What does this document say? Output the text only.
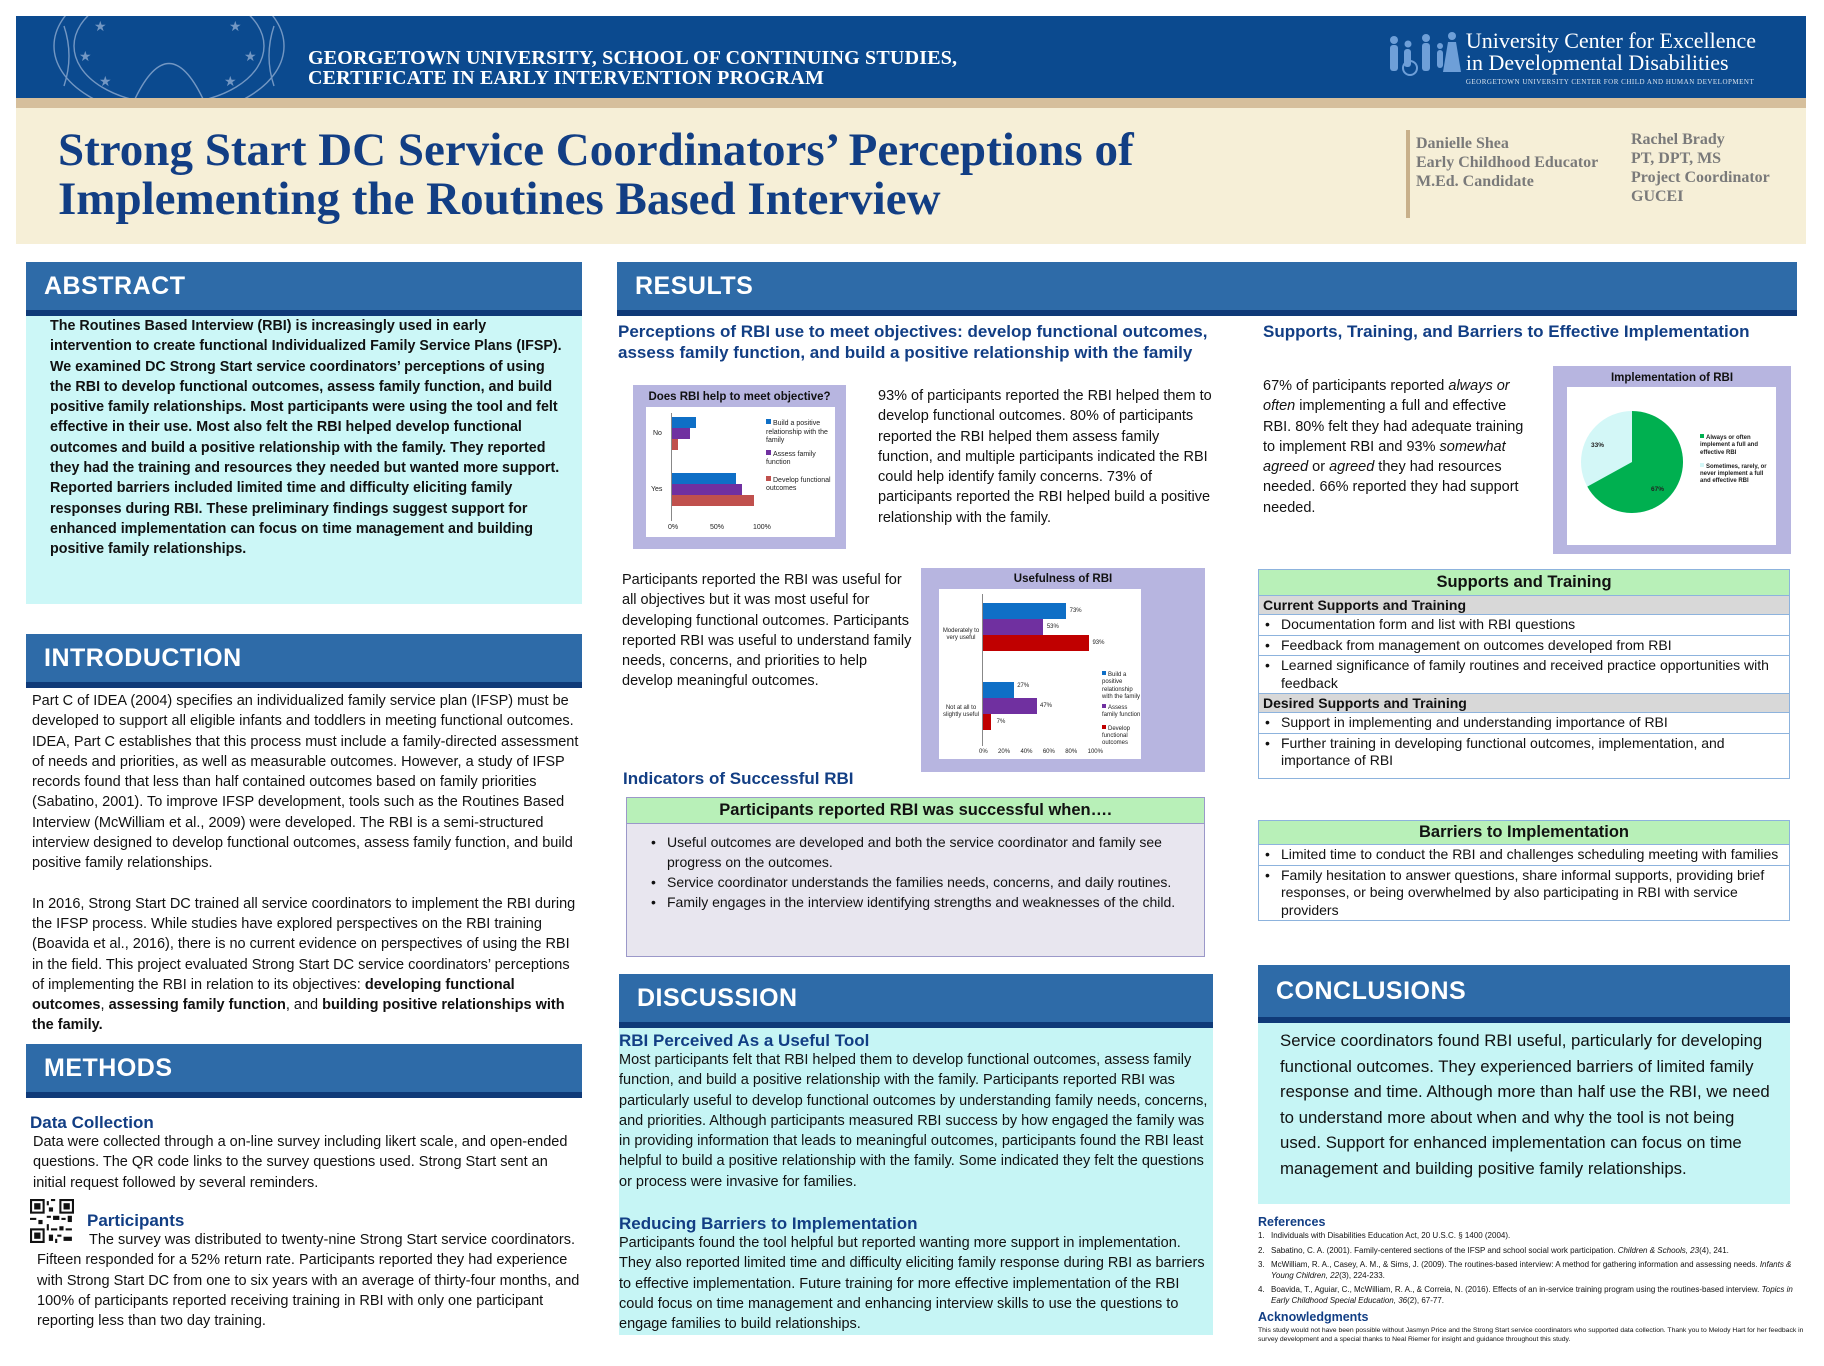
★
★
★
★
★
★
GEORGETOWN UNIVERSITY, SCHOOL OF CONTINUING STUDIES,
CERTIFICATE IN EARLY INTERVENTION PROGRAM
University Center for Excellence
in Developmental Disabilities
GEORGETOWN UNIVERSITY CENTER FOR CHILD AND HUMAN DEVELOPMENT
Strong Start DC Service Coordinators’ Perceptions of
Implementing the Routines Based Interview
Danielle Shea
Early Childhood Educator
M.Ed. Candidate
Rachel Brady
PT, DPT, MS
Project Coordinator
GUCEI
ABSTRACT

The Routines Based Interview (RBI) is increasingly used in early intervention to create functional Individualized Family Service Plans (IFSP). We examined DC Strong Start service coordinators’ perceptions of using the RBI to develop functional outcomes, assess family function, and build positive family relationships. Most participants were using the tool and felt effective in their use. Most also felt the RBI helped develop functional outcomes and build a positive relationship with the family. They reported they had the training and resources they needed but wanted more support. Reported barriers included limited time and difficulty eliciting family responses during RBI. These preliminary findings suggest support for enhanced implementation can focus on time management and building positive family relationships.

INTRODUCTION

Part C of IDEA (2004) specifies an individualized family service plan (IFSP) must be developed to support all eligible infants and toddlers in meeting functional outcomes. IDEA, Part C establishes that this process must include a family-directed assessment of needs and priorities, as well as measurable outcomes. However, a study of IFSP records found that less than half contained outcomes based on family priorities (Sabatino, 2001). To improve IFSP development, tools such as the Routines Based Interview (McWilliam et al., 2009) were developed. The RBI is a semi-structured interview designed to develop functional outcomes, assess family function, and build positive family relationships.

In 2016, Strong Start DC trained all service coordinators to implement the RBI during the IFSP process. While studies have explored perspectives on the RBI training (Boavida et al., 2016), there is no current evidence on perspectives of using the RBI in the field. This project evaluated Strong Start DC service coordinators’ perceptions of implementing the RBI in relation to its objectives: developing functional outcomes, assessing family function, and building positive relationships with the family.

METHODS
Data Collection

Data were collected through a on-line survey including likert scale, and open-ended questions. The QR code links to the survey questions used. Strong Start sent an initial request followed by several reminders.

Participants

The survey was distributed to twenty-nine Strong Start service coordinators. Fifteen responded for a 52% return rate. Participants reported they had experience with Strong Start DC from one to six years with an average of thirty-four months, and 100% of participants reported receiving training in RBI with only one participant reporting less than two day training.

RESULTS
Perceptions of RBI use to meet objectives: develop functional outcomes, assess family function, and build a positive relationship with the family
Does RBI help to meet objective?
No
Yes
0%	50%	100%
Build a positive relationship with the family
Assess family function
Develop functional outcomes

93% of participants reported the RBI helped them to develop functional outcomes. 80% of participants reported the RBI helped them assess family function, and multiple participants indicated the RBI could help identify family concerns. 73% of participants reported the RBI helped build a positive relationship with the family.

Participants reported the RBI was useful for all objectives but it was most useful for developing functional outcomes. Participants reported RBI was useful to understand family needs, concerns, and priorities to help develop meaningful outcomes.

Usefulness of RBI
Moderately to very useful
Not at all to slightly useful
73%
53%
93%
27%
47%
7%
0% 20% 40% 60% 80% 100%
Build a positive relationship with the family
Assess family function
Develop functional outcomes
Indicators of Successful RBI
Participants reported RBI was successful when….
• Useful outcomes are developed and both the service coordinator and family see progress on the outcomes.
• Service coordinator understands the families needs, concerns, and daily routines.
• Family engages in the interview identifying strengths and weaknesses of the child.
Supports, Training, and Barriers to Effective Implementation

67% of participants reported always or often implementing a full and effective RBI. 80% felt they had adequate training to implement RBI and 93% somewhat agreed or agreed they had resources needed. 66% reported they had support needed.

Implementation of RBI
33%
67%
Always or often implement a full and effective RBI
Sometimes, rarely, or never implement a full and effective RBI
Supports and Training
Current Supports and Training
• Documentation form and list with RBI questions
• Feedback from management on outcomes developed from RBI
• Learned significance of family routines and received practice opportunities with feedback
Desired Supports and Training
• Support in implementing and understanding importance of RBI
• Further training in developing functional outcomes, implementation, and importance of RBI
Barriers to Implementation
• Limited time to conduct the RBI and challenges scheduling meeting with families
• Family hesitation to answer questions, share informal supports, providing brief responses, or being overwhelmed by also participating in RBI with service providers
DISCUSSION
RBI Perceived As a Useful Tool

Most participants felt that RBI helped them to develop functional outcomes, assess family function, and build a positive relationship with the family. Participants reported RBI was particularly useful to develop functional outcomes by understanding family needs, concerns, and priorities. Although participants measured RBI success by how engaged the family was in providing information that leads to meaningful outcomes, participants found the RBI least helpful to build a positive relationship with the family. Some indicated they felt the questions or process were invasive for families.

Reducing Barriers to Implementation

Participants found the tool helpful but reported wanting more support in implementation. They also reported limited time and difficulty eliciting family response during RBI as barriers to effective implementation. Future training for more effective implementation of the RBI could focus on time management and enhancing interview skills to use the questions to engage families to build relationships.

CONCLUSIONS

Service coordinators found RBI useful, particularly for developing functional outcomes. They experienced barriers of limited family response and time. Although more than half use the RBI, we need to understand more about when and why the tool is not being used. Support for enhanced implementation can focus on time management and building positive family relationships.

References
1. Individuals with Disabilities Education Act, 20 U.S.C. § 1400 (2004).
2. Sabatino, C. A. (2001). Family-centered sections of the IFSP and school social work participation. Children & Schools, 23(4), 241.
3. McWilliam, R. A., Casey, A. M., & Sims, J. (2009). The routines-based interview: A method for gathering information and assessing needs. Infants & Young Children, 22(3), 224-233.
4. Boavida, T., Aguiar, C., McWilliam, R. A., & Correia, N. (2016). Effects of an in-service training program using the routines-based interview. Topics in Early Childhood Special Education, 36(2), 67-77.
Acknowledgments

This study would not have been possible without Jasmyn Price and the Strong Start service coordinators who supported data collection. Thank you to Melody Hart for her feedback in survey development and a special thanks to Neal Riemer for insight and guidance throughout this study.
